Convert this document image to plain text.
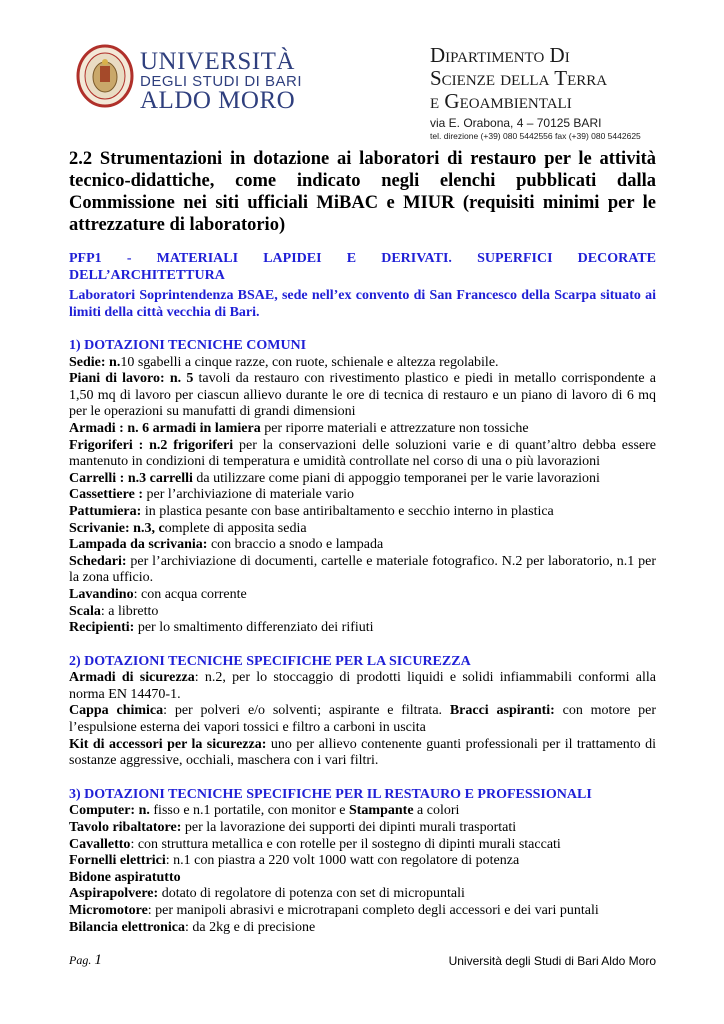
UNIVERSITÀ
DEGLI STUDI DI BARI
ALDO MORO
Dipartimento Di
Scienze della Terra
e Geoambientali
via E. Orabona, 4 – 70125 BARI
tel. direzione (+39) 080 5442556 fax (+39) 080 5442625

2.2 Strumentazioni in dotazione ai laboratori di restauro per le attività tecnico-didattiche, come indicato negli elenchi pubblicati dalla Commissione nei siti ufficiali MiBAC e MIUR (requisiti minimi per le attrezzature di laboratorio)

PFP1 - MATERIALI LAPIDEI E DERIVATI. SUPERFICI DECORATE
DELL’ARCHITETTURA
Laboratori Soprintendenza BSAE, sede nell’ex convento di San Francesco della Scarpa situato ai limiti della città vecchia di Bari.
1) DOTAZIONI TECNICHE COMUNI

Sedie: n.10 sgabelli a cinque razze, con ruote, schienale e altezza regolabile.

Piani di lavoro: n. 5 tavoli da restauro con rivestimento plastico e piedi in metallo corrispondente a 1,50 mq di lavoro per ciascun allievo durante le ore di tecnica di restauro e un piano di lavoro di 6 mq per le operazioni su manufatti di grandi dimensioni

Armadi : n. 6 armadi in lamiera per riporre materiali e attrezzature non tossiche

Frigoriferi : n.2 frigoriferi per la conservazioni delle soluzioni varie e di quant’altro debba essere mantenuto in condizioni di temperatura e umidità controllate nel corso di una o più lavorazioni

Carrelli : n.3 carrelli da utilizzare come piani di appoggio temporanei per le varie lavorazioni

Cassettiere : per l’archiviazione di materiale vario

Pattumiera: in plastica pesante con base antiribaltamento e secchio interno in plastica

Scrivanie: n.3, complete di apposita sedia

Lampada da scrivania: con braccio a snodo e lampada

Schedari: per l’archiviazione di documenti, cartelle e materiale fotografico. N.2 per laboratorio, n.1 per la zona ufficio.

Lavandino: con acqua corrente

Scala: a libretto

Recipienti: per lo smaltimento differenziato dei rifiuti

2) DOTAZIONI TECNICHE SPECIFICHE PER LA SICUREZZA

Armadi di sicurezza: n.2, per lo stoccaggio di prodotti liquidi e solidi infiammabili conformi alla norma EN 14470-1.

Cappa chimica: per polveri e/o solventi; aspirante e filtrata. Bracci aspiranti: con motore per l’espulsione esterna dei vapori tossici e filtro a carboni in uscita

Kit di accessori per la sicurezza: uno per allievo contenente guanti professionali per il trattamento di sostanze aggressive, occhiali, maschera con i vari filtri.

3) DOTAZIONI TECNICHE SPECIFICHE PER IL RESTAURO E PROFESSIONALI

Computer: n. fisso e n.1 portatile, con monitor e Stampante a colori

Tavolo ribaltatore: per la lavorazione dei supporti dei dipinti murali trasportati

Cavalletto: con struttura metallica e con rotelle per il sostegno di dipinti murali staccati

Fornelli elettrici: n.1 con piastra a 220 volt 1000 watt con regolatore di potenza

Bidone aspiratutto

Aspirapolvere: dotato di regolatore di potenza con set di micropuntali

Micromotore: per manipoli abrasivi e microtrapani completo degli accessori e dei vari puntali

Bilancia elettronica: da 2kg e di precisione

Pag. 1	Università degli Studi di Bari Aldo Moro
